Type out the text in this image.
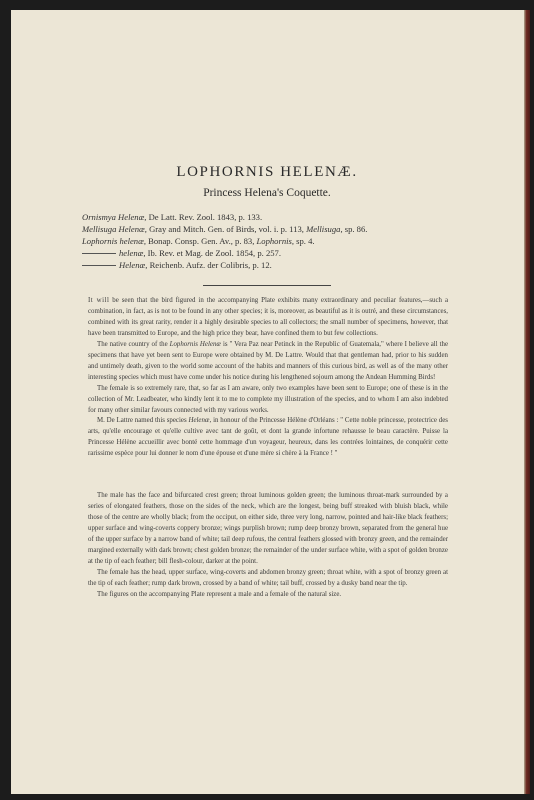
LOPHORNIS HELENÆ.
Princess Helena's Coquette.
Ornismya Helenæ, De Latt. Rev. Zool. 1843, p. 133.
Mellisuga Helenæ, Gray and Mitch. Gen. of Birds, vol. i. p. 113, Mellisuga, sp. 86.
Lophornis helenæ, Bonap. Consp. Gen. Av., p. 83, Lophornis, sp. 4.
helenæ, Ib. Rev. et Mag. de Zool. 1854, p. 257.
Helenæ, Reichenb. Aufz. der Colibris, p. 12.

It will be seen that the bird figured in the accompanying Plate exhibits many extraordinary and peculiar features,—such a combination, in fact, as is not to be found in any other species; it is, moreover, as beautiful as it is outré, and these circumstances, combined with its great rarity, render it a highly desirable species to all collectors; the small number of specimens, however, that have been transmitted to Europe, and the high price they bear, have confined them to but few collections.

The native country of the Lophornis Helenæ is " Vera Paz near Petinck in the Republic of Guatemala," where I believe all the specimens that have yet been sent to Europe were obtained by M. De Lattre. Would that that gentleman had, prior to his sudden and untimely death, given to the world some account of the habits and manners of this curious bird, as well as of the many other interesting species which must have come under his notice during his lengthened sojourn among the Andean Humming Birds!

The female is so extremely rare, that, so far as I am aware, only two examples have been sent to Europe; one of these is in the collection of Mr. Leadbeater, who kindly lent it to me to complete my illustration of the species, and to whom I am also indebted for many other similar favours connected with my various works.

M. De Lattre named this species Helenæ, in honour of the Princesse Hélène d'Orléans : " Cette noble princesse, protectrice des arts, qu'elle encourage et qu'elle cultive avec tant de goût, et dont la grande infortune rehausse le beau caractère. Puisse la Princesse Hélène accueillir avec bonté cette hommage d'un voyageur, heureux, dans les contrées lointaines, de conquérir cette rarissime espèce pour lui donner le nom d'une épouse et d'une mère si chère à la France ! "

The male has the face and bifurcated crest green; throat luminous golden green; the luminous throat-mark surrounded by a series of elongated feathers, those on the sides of the neck, which are the longest, being buff streaked with bluish black, while those of the centre are wholly black; from the occiput, on either side, three very long, narrow, pointed and hair-like black feathers; upper surface and wing-coverts coppery bronze; wings purplish brown; rump deep bronzy brown, separated from the general hue of the upper surface by a narrow band of white; tail deep rufous, the central feathers glossed with bronzy green, and the remainder margined externally with dark brown; chest golden bronze; the remainder of the under surface white, with a spot of golden bronze at the tip of each feather; bill flesh-colour, darker at the point.

The female has the head, upper surface, wing-coverts and abdomen bronzy green; throat white, with a spot of bronzy green at the tip of each feather; rump dark brown, crossed by a band of white; tail buff, crossed by a dusky band near the tip.

The figures on the accompanying Plate represent a male and a female of the natural size.
